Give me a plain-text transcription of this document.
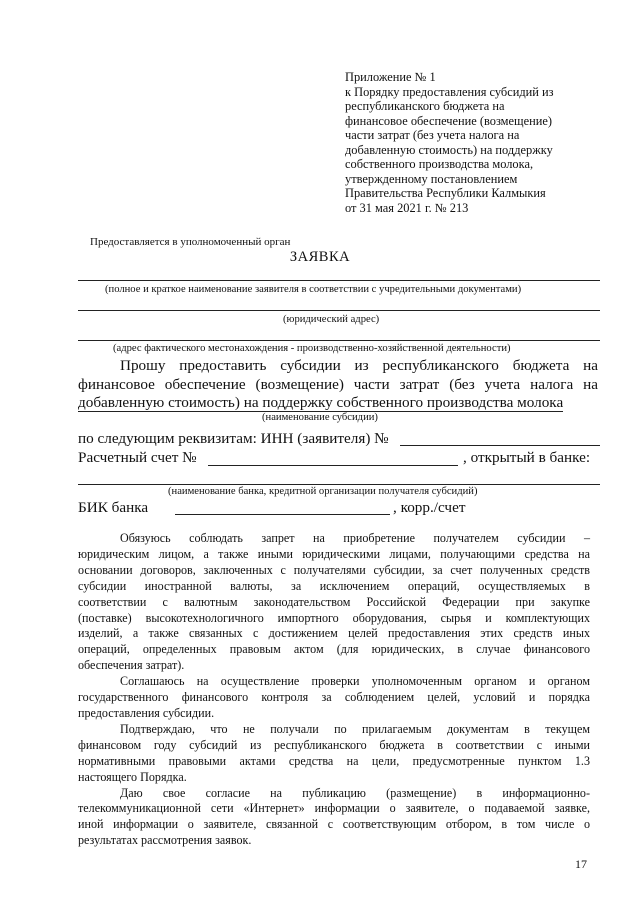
Приложение № 1
к Порядку предоставления субсидий из
республиканского бюджета на
финансовое обеспечение (возмещение)
части затрат (без учета налога на
добавленную стоимость) на поддержку
собственного производства молока,
утвержденному постановлением
Правительства Республики Калмыкия
от 31 мая 2021 г. № 213
Предоставляется в уполномоченный орган
ЗАЯВКА
(полное и краткое наименование заявителя в соответствии с учредительными документами)
(юридический адрес)
(адрес фактического местонахождения - производственно-хозяйственной деятельности)
Прошу предоставить субсидии из республиканского бюджета на
финансовое обеспечение (возмещение) части затрат (без учета налога на
добавленную стоимость) на поддержку собственного производства молока
(наименование субсидии)
по следующим реквизитам: ИНН (заявителя) №
Расчетный счет №	, открытый в банке:
(наименование банка, кредитной организации получателя субсидий)
БИК банка	, корр./счет
Обязуюсь соблюдать запрет на приобретение получателем субсидии –
юридическим лицом, а также иными юридическими лицами, получающими средства на
основании договоров, заключенных с получателями субсидии, за счет полученных средств
субсидии иностранной валюты, за исключением операций, осуществляемых в
соответствии с валютным законодательством Российской Федерации при закупке
(поставке) высокотехнологичного импортного оборудования, сырья и комплектующих
изделий, а также связанных с достижением целей предоставления этих средств иных
операций, определенных правовым актом (для юридических, в случае финансового
обеспечения затрат).
Соглашаюсь на осуществление проверки уполномоченным органом и органом
государственного финансового контроля за соблюдением целей, условий и порядка
предоставления субсидии.
Подтверждаю, что не получали по прилагаемым документам в текущем
финансовом году субсидий из республиканского бюджета в соответствии с иными
нормативными правовыми актами средства на цели, предусмотренные пунктом 1.3
настоящего Порядка.
Даю свое согласие на публикацию (размещение) в информационно-
телекоммуникационной сети «Интернет» информации о заявителе, о подаваемой заявке,
иной информации о заявителе, связанной с соответствующим отбором, в том числе о
результатах рассмотрения заявок.
17
